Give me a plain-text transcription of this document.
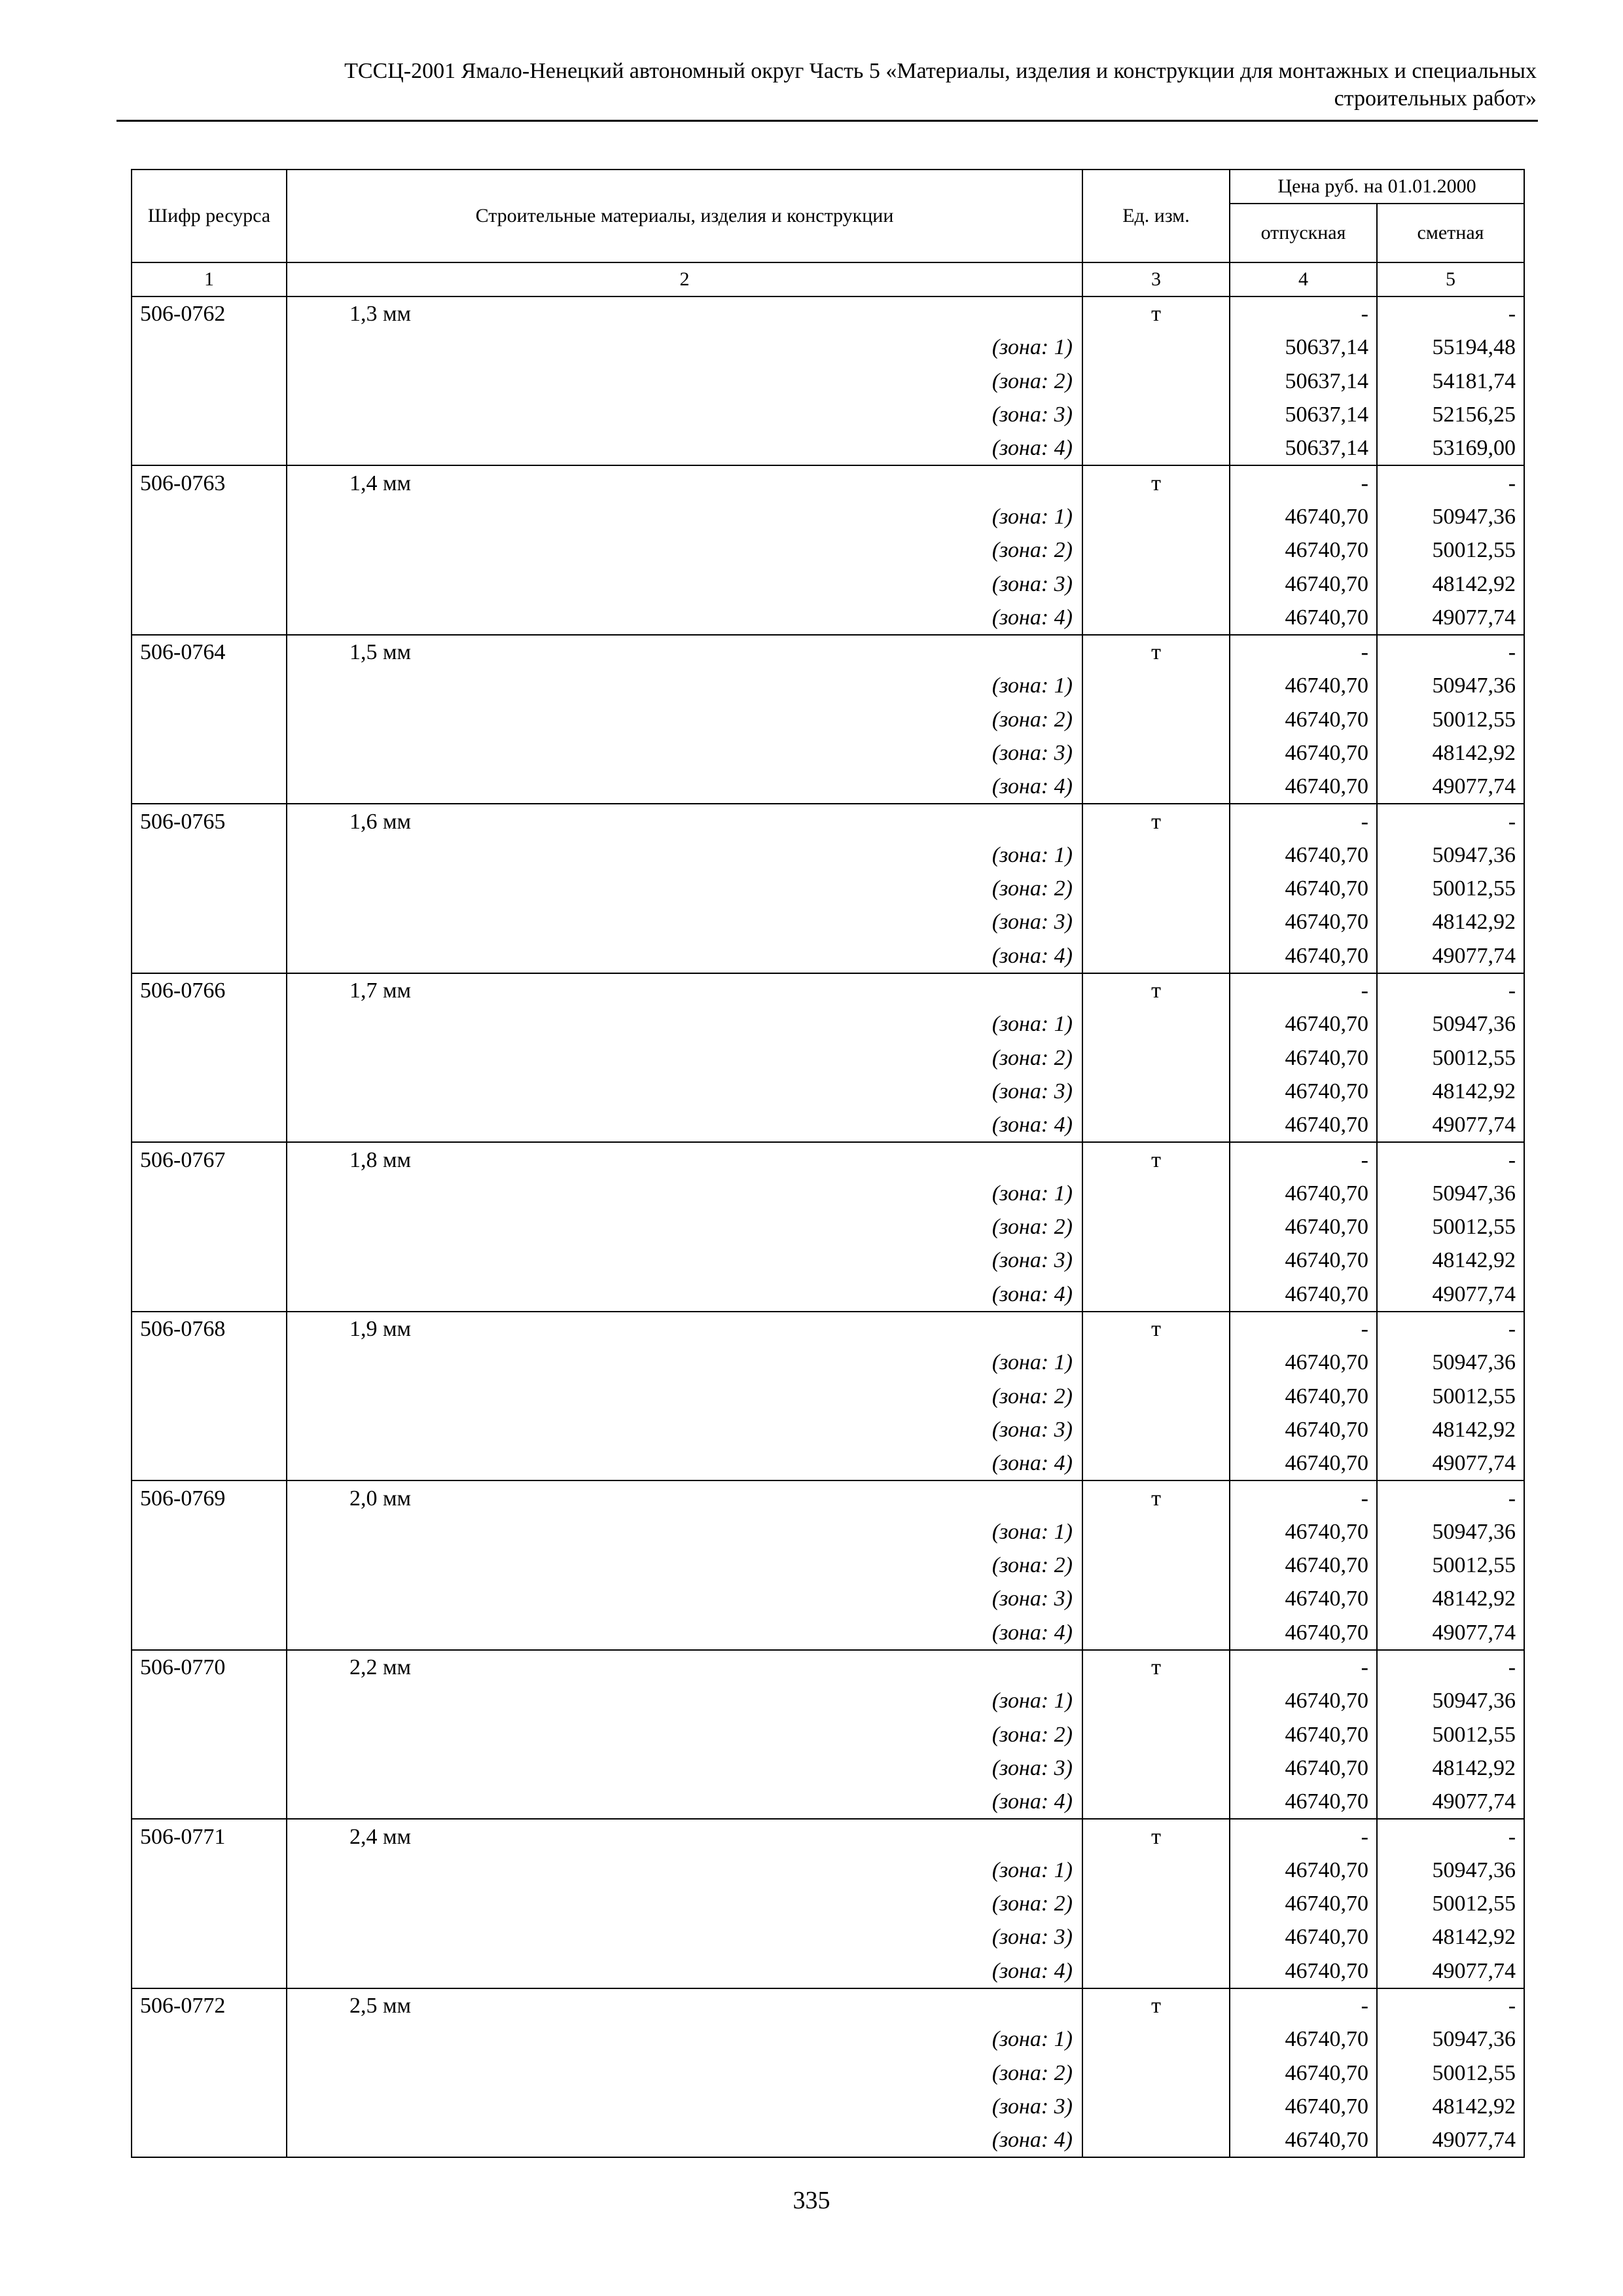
ТССЦ-2001 Ямало-Ненецкий автономный округ Часть 5 «Материалы, изделия и конструкции для монтажных и специальных
строительных работ»
Шифр ресурса	Строительные материалы, изделия и конструкции	Ед. изм.	Цена руб. на 01.01.2000	
			отпускная	сметная
1	2	3	4	5
506-0762	1,3 мм	т	-	-
	(зона: 1)		50637,14	55194,48
	(зона: 2)		50637,14	54181,74
	(зона: 3)		50637,14	52156,25
	(зона: 4)		50637,14	53169,00
506-0763	1,4 мм	т	-	-
	(зона: 1)		46740,70	50947,36
	(зона: 2)		46740,70	50012,55
	(зона: 3)		46740,70	48142,92
	(зона: 4)		46740,70	49077,74
506-0764	1,5 мм	т	-	-
	(зона: 1)		46740,70	50947,36
	(зона: 2)		46740,70	50012,55
	(зона: 3)		46740,70	48142,92
	(зона: 4)		46740,70	49077,74
506-0765	1,6 мм	т	-	-
	(зона: 1)		46740,70	50947,36
	(зона: 2)		46740,70	50012,55
	(зона: 3)		46740,70	48142,92
	(зона: 4)		46740,70	49077,74
506-0766	1,7 мм	т	-	-
	(зона: 1)		46740,70	50947,36
	(зона: 2)		46740,70	50012,55
	(зона: 3)		46740,70	48142,92
	(зона: 4)		46740,70	49077,74
506-0767	1,8 мм	т	-	-
	(зона: 1)		46740,70	50947,36
	(зона: 2)		46740,70	50012,55
	(зона: 3)		46740,70	48142,92
	(зона: 4)		46740,70	49077,74
506-0768	1,9 мм	т	-	-
	(зона: 1)		46740,70	50947,36
	(зона: 2)		46740,70	50012,55
	(зона: 3)		46740,70	48142,92
	(зона: 4)		46740,70	49077,74
506-0769	2,0 мм	т	-	-
	(зона: 1)		46740,70	50947,36
	(зона: 2)		46740,70	50012,55
	(зона: 3)		46740,70	48142,92
	(зона: 4)		46740,70	49077,74
506-0770	2,2 мм	т	-	-
	(зона: 1)		46740,70	50947,36
	(зона: 2)		46740,70	50012,55
	(зона: 3)		46740,70	48142,92
	(зона: 4)		46740,70	49077,74
506-0771	2,4 мм	т	-	-
	(зона: 1)		46740,70	50947,36
	(зона: 2)		46740,70	50012,55
	(зона: 3)		46740,70	48142,92
	(зона: 4)		46740,70	49077,74
506-0772	2,5 мм	т	-	-
	(зона: 1)		46740,70	50947,36
	(зона: 2)		46740,70	50012,55
	(зона: 3)		46740,70	48142,92
	(зона: 4)		46740,70	49077,74
335
